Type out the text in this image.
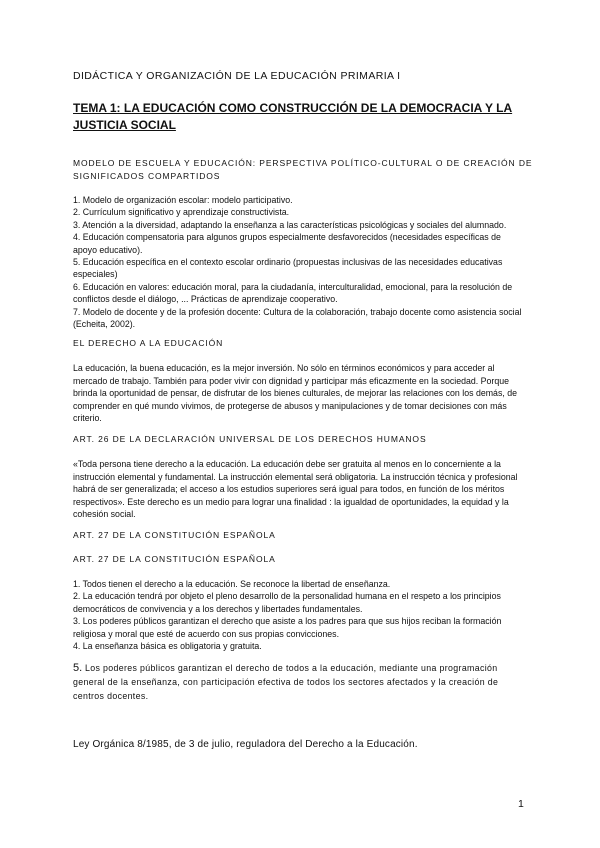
DIDÁCTICA Y ORGANIZACIÓN DE LA EDUCACIÓN PRIMARIA I
TEMA 1: LA EDUCACIÓN COMO CONSTRUCCIÓN DE LA DEMOCRACIA Y LA JUSTICIA SOCIAL
MODELO DE ESCUELA Y EDUCACIÓN: PERSPECTIVA POLÍTICO-CULTURAL O DE CREACIÓN DE SIGNIFICADOS COMPARTIDOS
1. Modelo de organización escolar: modelo participativo.
2. Currículum significativo y aprendizaje constructivista.
3. Atención a la diversidad, adaptando la enseñanza a las características psicológicas y sociales del alumnado.
4. Educación compensatoria para algunos grupos especialmente desfavorecidos (necesidades específicas de apoyo educativo).
5. Educación específica en el contexto escolar ordinario (propuestas inclusivas de las necesidades educativas especiales)
6. Educación en valores: educación moral, para la ciudadanía, interculturalidad, emocional, para la resolución de conflictos desde el diálogo, ... Prácticas de aprendizaje cooperativo.
7. Modelo de docente y de la profesión docente: Cultura de la colaboración, trabajo docente como asistencia social (Echeita, 2002).
EL DERECHO A LA EDUCACIÓN

La educación, la buena educación, es la mejor inversión. No sólo en términos económicos y para acceder al mercado de trabajo. También para poder vivir con dignidad y participar más eficazmente en la sociedad. Porque brinda la oportunidad de pensar, de disfrutar de los bienes culturales, de mejorar las relaciones con los demás, de comprender en qué mundo vivimos, de protegerse de abusos y manipulaciones y de tomar decisiones con más criterio.

ART. 26 DE LA DECLARACIÓN UNIVERSAL DE LOS DERECHOS HUMANOS

«Toda persona tiene derecho a la educación. La educación debe ser gratuita al menos en lo concerniente a la instrucción elemental y fundamental. La instrucción elemental será obligatoria. La instrucción técnica y profesional habrá de ser generalizada; el acceso a los estudios superiores será igual para todos, en función de los méritos respectivos». Este derecho es un medio para lograr una finalidad : la igualdad de oportunidades, la equidad y la cohesión social.

ART. 27 DE LA CONSTITUCIÓN ESPAÑOLA
ART. 27 DE LA CONSTITUCIÓN ESPAÑOLA
1. Todos tienen el derecho a la educación. Se reconoce la libertad de enseñanza.
2. La educación tendrá por objeto el pleno desarrollo de la personalidad humana en el respeto a los principios democráticos de convivencia y a los derechos y libertades fundamentales.
3. Los poderes públicos garantizan el derecho que asiste a los padres para que sus hijos reciban la formación religiosa y moral que esté de acuerdo con sus propias convicciones.
4. La enseñanza básica es obligatoria y gratuita.
5. Los poderes públicos garantizan el derecho de todos a la educación, mediante una programación general de la enseñanza, con participación efectiva de todos los sectores afectados y la creación de centros docentes.
Ley Orgánica 8/1985, de 3 de julio, reguladora del Derecho a la Educación.
1
